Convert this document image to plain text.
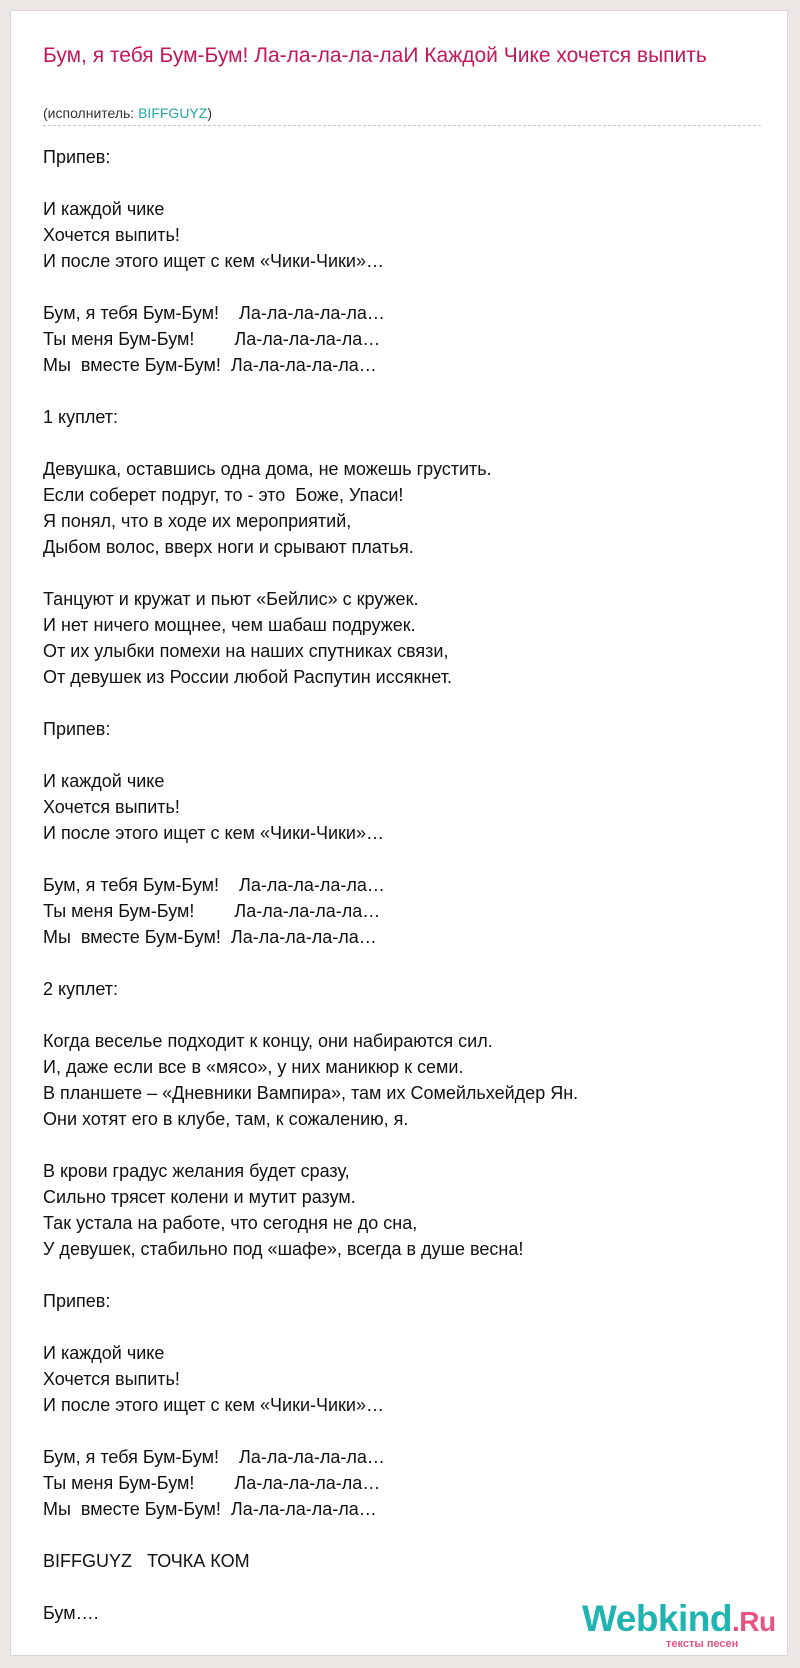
Бум, я тебя Бум-Бум! Ла-ла-ла-ла-лаИ Каждой Чике хочется выпить
(исполнитель: BIFFGUYZ)
Припев:
И каждой чике
Хочется выпить!
И после этого ищет с кем «Чики-Чики»…
Бум, я тебя Бум-Бум!    Ла-ла-ла-ла-ла…
Ты меня Бум-Бум!        Ла-ла-ла-ла-ла…
Мы  вместе Бум-Бум!  Ла-ла-ла-ла-ла…
1 куплет:
Девушка, оставшись одна дома, не можешь грустить.
Если соберет подруг, то - это  Боже, Упаси!
Я понял, что в ходе их мероприятий,
Дыбом волос, вверх ноги и срывают платья.
Танцуют и кружат и пьют «Бейлис» с кружек.
И нет ничего мощнее, чем шабаш подружек.
От их улыбки помехи на наших спутниках связи,
От девушек из России любой Распутин иссякнет.
Припев:
И каждой чике
Хочется выпить!
И после этого ищет с кем «Чики-Чики»…
Бум, я тебя Бум-Бум!    Ла-ла-ла-ла-ла…
Ты меня Бум-Бум!        Ла-ла-ла-ла-ла…
Мы  вместе Бум-Бум!  Ла-ла-ла-ла-ла…
2 куплет:
Когда веселье подходит к концу, они набираются сил.
И, даже если все в «мясо», у них маникюр к семи.
В планшете – «Дневники Вампира», там их Сомейльхейдер Ян.
Они хотят его в клубе, там, к сожалению, я.
В крови градус желания будет сразу,
Сильно трясет колени и мутит разум.
Так устала на работе, что сегодня не до сна,
У девушек, стабильно под «шафе», всегда в душе весна!
Припев:
И каждой чике
Хочется выпить!
И после этого ищет с кем «Чики-Чики»…
Бум, я тебя Бум-Бум!    Ла-ла-ла-ла-ла…
Ты меня Бум-Бум!        Ла-ла-ла-ла-ла…
Мы  вместе Бум-Бум!  Ла-ла-ла-ла-ла…
BIFFGUYZ   ТОЧКА КОМ
Бум….	Webkind.Ru
тексты песен
